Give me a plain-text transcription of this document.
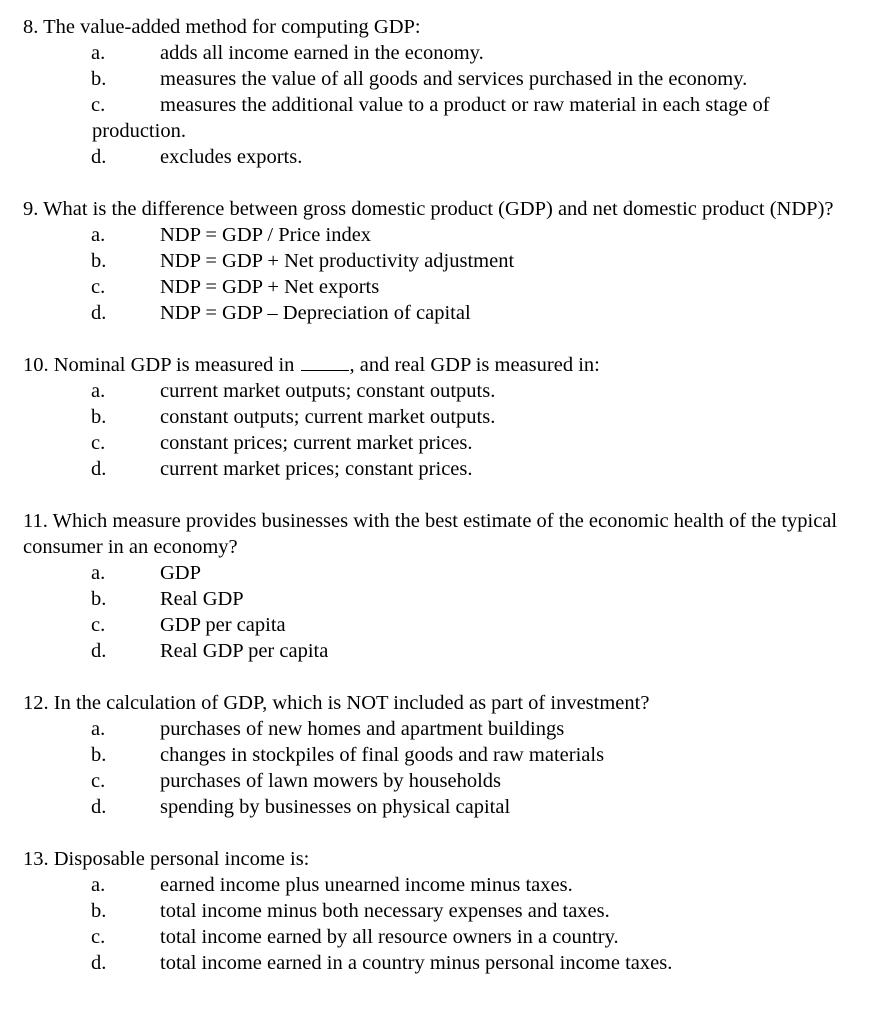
8. The value-added method for computing GDP:
a.	adds all income earned in the economy.
b.	measures the value of all goods and services purchased in the economy.
c.	measures the additional value to a product or raw material in each stage of
production.
d.	excludes exports.
9. What is the difference between gross domestic product (GDP) and net domestic product (NDP)?
a.	NDP = GDP / Price index
b.	NDP = GDP + Net productivity adjustment
c.	NDP = GDP + Net exports
d.	NDP = GDP – Depreciation of capital
10. Nominal GDP is measured in	, and real GDP is measured in:
a.	current market outputs; constant outputs.
b.	constant outputs; current market outputs.
c.	constant prices; current market prices.
d.	current market prices; constant prices.
11. Which measure provides businesses with the best estimate of the economic health of the typical consumer in an economy?
a.	GDP
b.	Real GDP
c.	GDP per capita
d.	Real GDP per capita
12. In the calculation of GDP, which is NOT included as part of investment?
a.	purchases of new homes and apartment buildings
b.	changes in stockpiles of final goods and raw materials
c.	purchases of lawn mowers by households
d.	spending by businesses on physical capital
13. Disposable personal income is:
a.	earned income plus unearned income minus taxes.
b.	total income minus both necessary expenses and taxes.
c.	total income earned by all resource owners in a country.
d.	total income earned in a country minus personal income taxes.
